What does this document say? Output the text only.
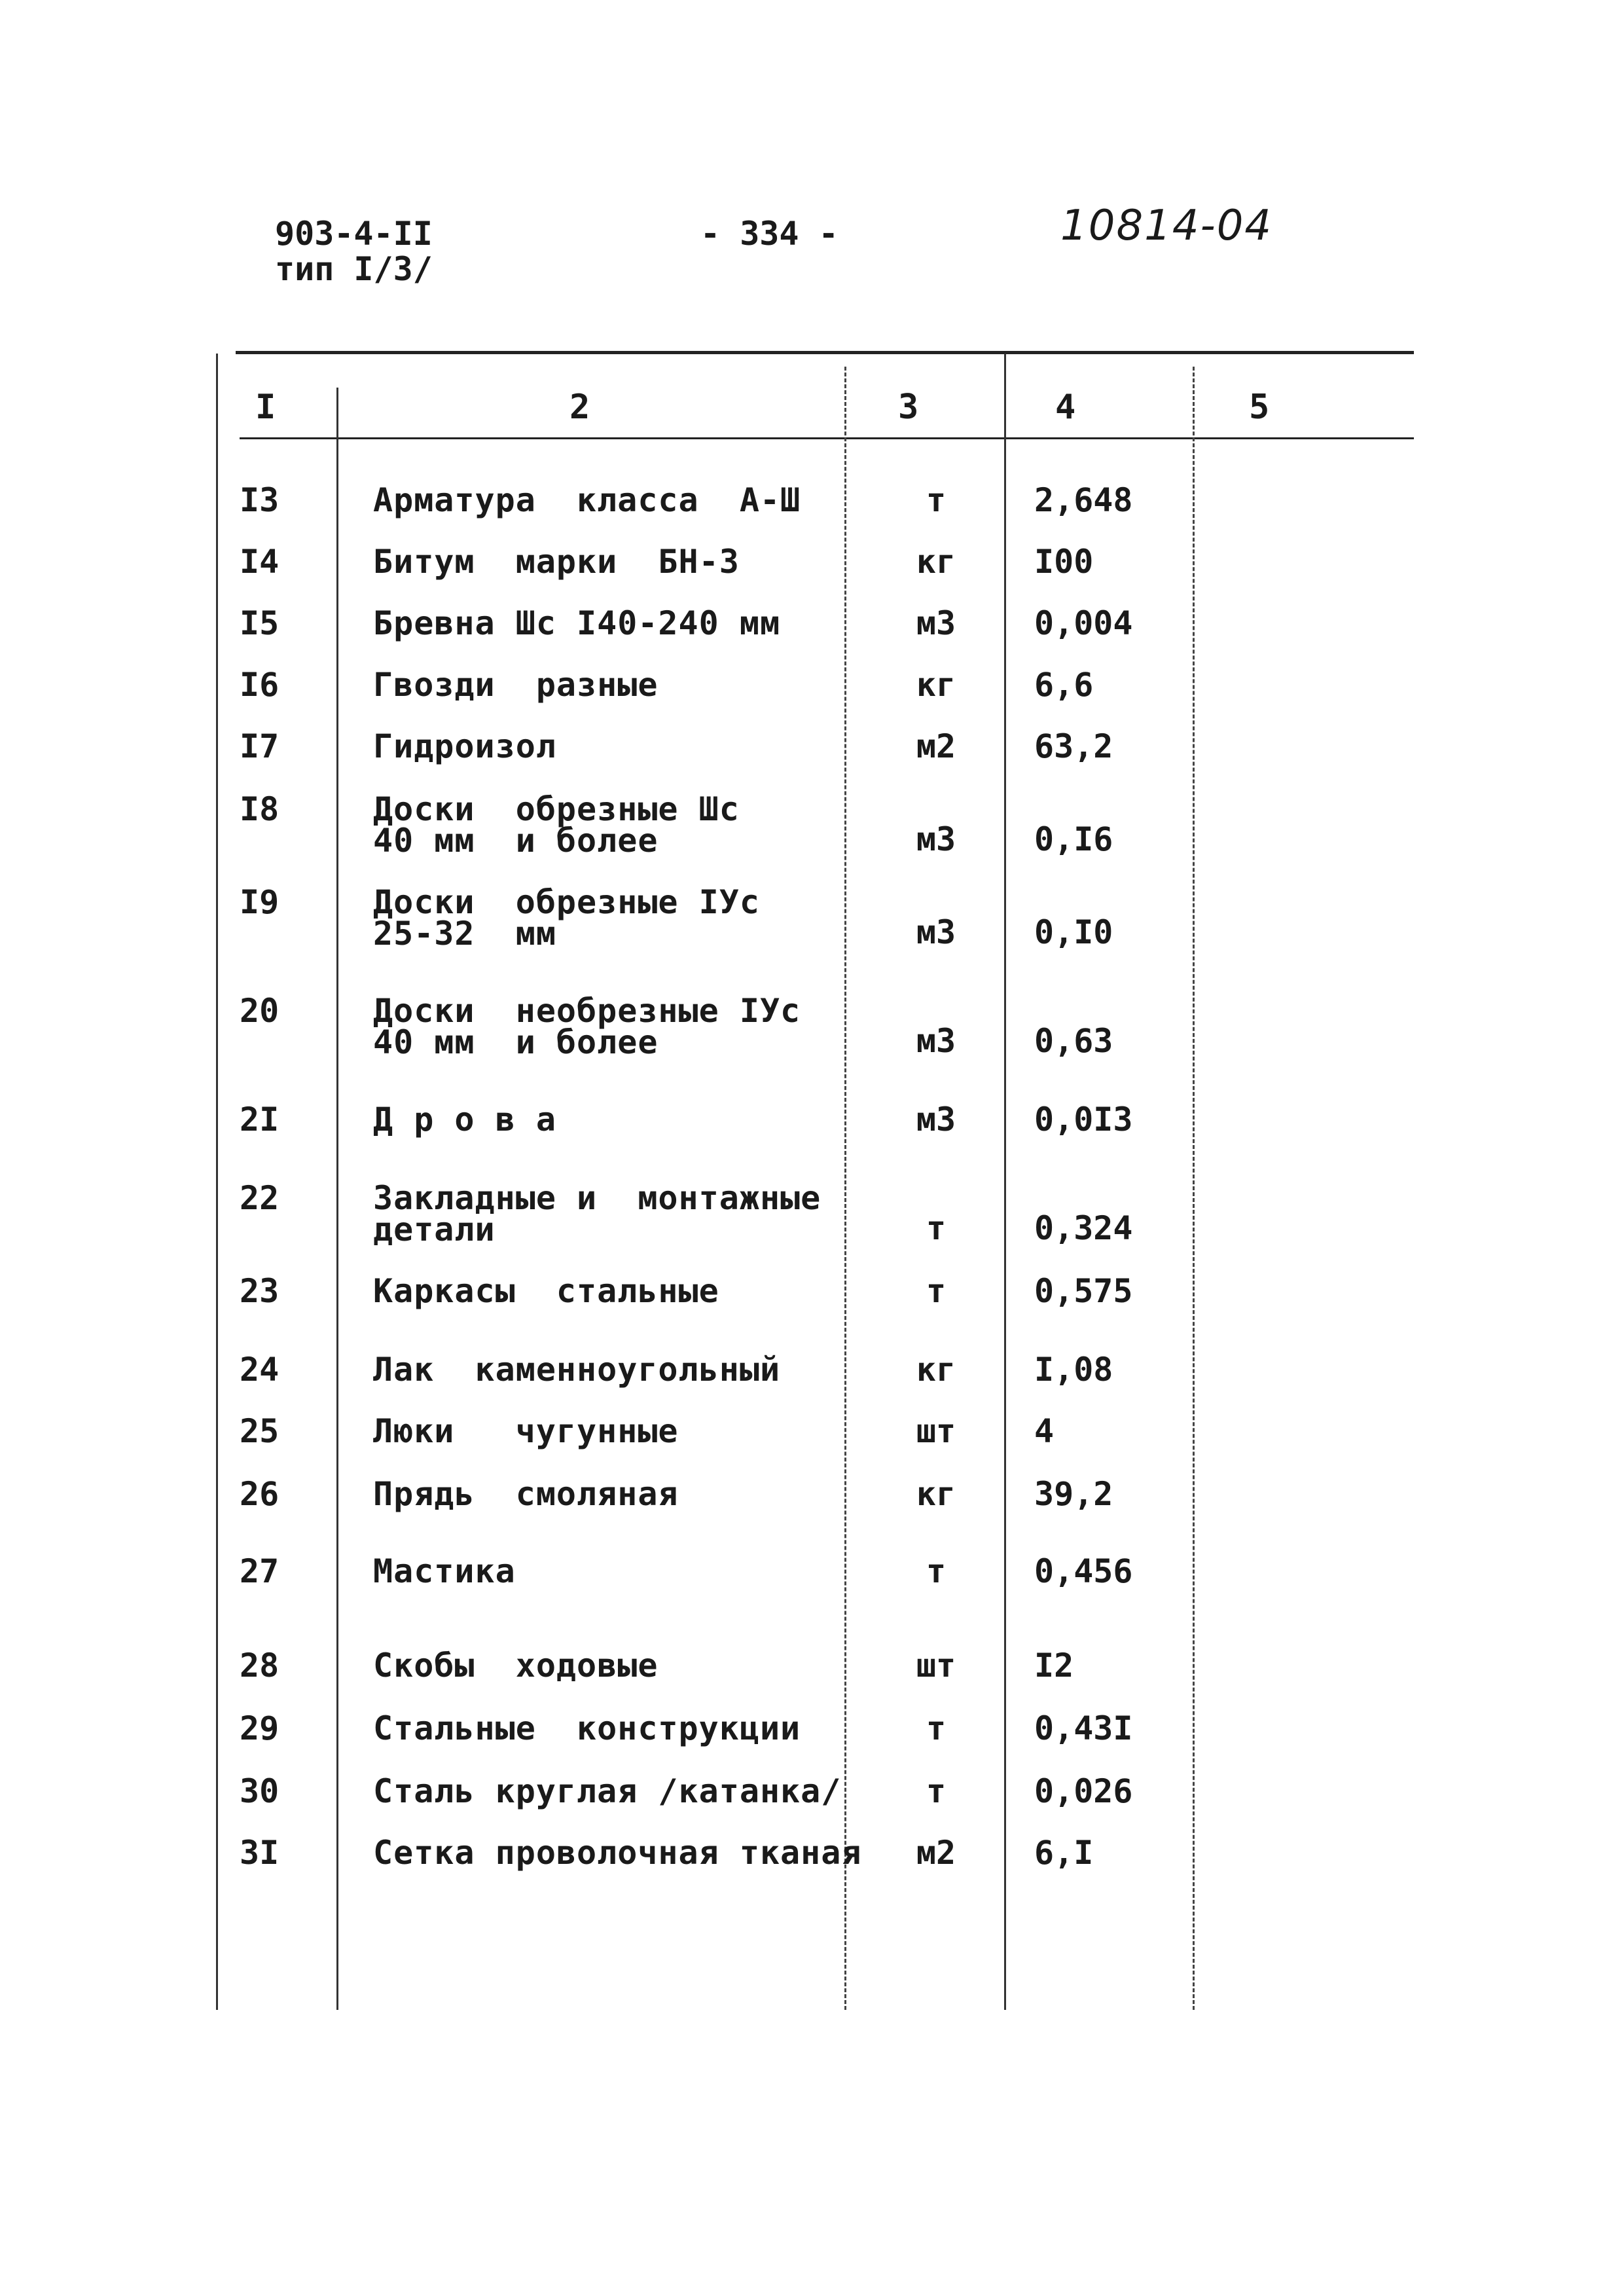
903-4-II
тип I/3/
- 334 -	10814-04
I	2	3	4	5
I3	Арматура  класса  А-Ш	т	2,648
I4	Битум  марки  БН-3	кг	I00
I5	Бревна Шс I40-240 мм	м3	0,004
I6	Гвозди  разные	кг	6,6
I7	Гидроизол	м2	63,2
I8	Доски  обрезные Шс
40 мм  и более	м3	0,I6
I9	Доски  обрезные IУс
25-32  мм	м3	0,I0
20	Доски  необрезные IУс
40 мм  и более	м3	0,63
2I	Д р о в а	м3	0,0I3
22	Закладные и  монтажные
детали	т	0,324
23	Каркасы  стальные	т	0,575
24	Лак  каменноугольный	кг	I,08
25	Люки   чугунные	шт	4
26	Прядь  смоляная	кг	39,2
27	Мастика	т	0,456
28	Скобы  ходовые	шт	I2
29	Стальные  конструкции	т	0,43I
30	Сталь круглая /катанка/	т	0,026
3I	Сетка проволочная тканая	м2	6,I
